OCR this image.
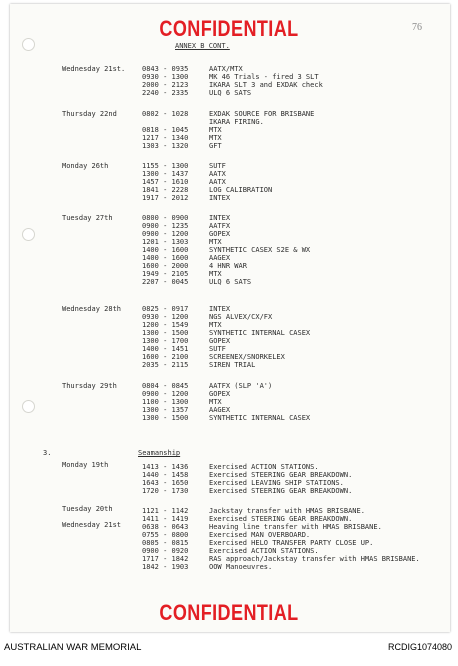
CONFIDENTIAL	76
ANNEX B CONT.
Wednesday 21st. 0843 - 0935	AATX/MTX
0930 - 1300	MK 46 Trials - fired 3 SLT
2000 - 2123	IKARA SLT 3 and EXDAK check
2240 - 2335	ULQ 6 SATS
Thursday 22nd	0802 - 1028	EXDAK SOURCE FOR BRISBANE
IKARA FIRING.
0818 - 1045	MTX
1217 - 1340	MTX
1303 - 1320	GFT
Monday 26th	1155 - 1300	SUTF
1300 - 1437	AATX
1457 - 1610	AATX
1841 - 2228	LOG CALIBRATION
1917 - 2012	INTEX
Tuesday 27th	0800 - 0900	INTEX
0900 - 1235	AATFX
0900 - 1200	GOPEX
1201 - 1303	MTX
1400 - 1600	SYNTHETIC CASEX S2E & WX
1400 - 1600	AAGEX
1600 - 2000	4 HNR WAR
1949 - 2105	MTX
2207 - 0045	ULQ 6 SATS
Wednesday 28th	0825 - 0917	INTEX
0930 - 1200	NGS ALVEX/CX/FX
1200 - 1549	MTX
1300 - 1500	SYNTHETIC INTERNAL CASEX
1300 - 1700	GOPEX
1400 - 1451	SUTF
1600 - 2100	SCREENEX/SNORKELEX
2035 - 2115	SIREN TRIAL
Thursday 29th	0804 - 0845	AATFX (SLP 'A')
0900 - 1200	GOPEX
1100 - 1300	MTX
1300 - 1357	AAGEX
1300 - 1500	SYNTHETIC INTERNAL CASEX
Monday 19th	1413 - 1436	Exercised ACTION STATIONS.
1440 - 1458	Exercised STEERING GEAR BREAKDOWN.
1643 - 1650	Exercised LEAVING SHIP STATIONS.
1720 - 1730	Exercised STEERING GEAR BREAKDOWN.
Tuesday 20th	1121 - 1142	Jackstay transfer with HMAS BRISBANE.
1411 - 1419	Exercised STEERING GEAR BREAKDOWN.
Wednesday 21st	0638 - 0643	Heaving line transfer with HMAS BRISBANE.
0755 - 0800	Exercised MAN OVERBOARD.
0805 - 0815	Exercised HELO TRANSFER PARTY CLOSE UP.
0900 - 0920	Exercised ACTION STATIONS.
1717 - 1842	RAS approach/Jackstay transfer with HMAS BRISBANE.
1842 - 1903	OOW Manoeuvres.
3.	Seamanship
CONFIDENTIAL
AUSTRALIAN WAR MEMORIAL	RCDIG1074080
